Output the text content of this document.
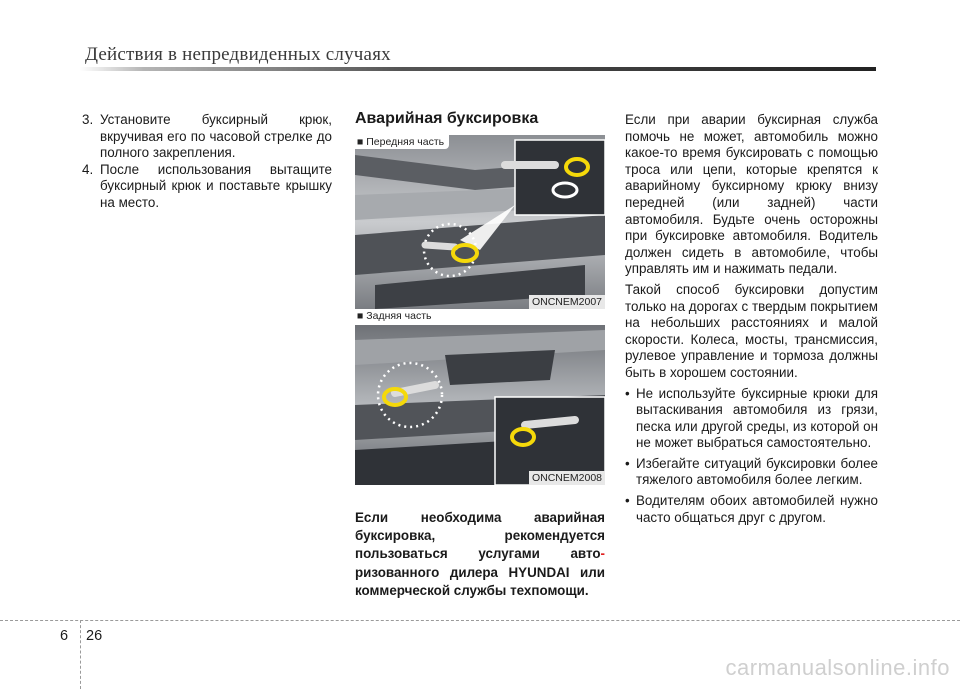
Действия в непредвиденных случаях
3. Установите буксирный крюк, вкручивая его по часовой стрелке до полного закрепления.
4. После использования вытащите буксирный крюк и поставьте крышку на место.
Аварийная буксировка
ONCNEM2007
■ Передняя часть
ONCNEM2008
■ Задняя часть
Если необходима аварийная буксировка, рекомендуется пользоваться услугами авто- ризованного дилера HYUNDAI или коммерческой службы техпомощи.

Если при аварии буксирная служба помочь не может, автомобиль можно какое-то время буксировать с помощью троса или цепи, которые крепятся к аварийному буксирному крюку внизу передней (или задней) части автомобиля. Будьте очень осторожны при буксировке автомобиля. Водитель должен сидеть в автомобиле, чтобы управлять им и нажимать педали.

Такой способ буксировки допустим только на дорогах с твердым покрытием на небольших расстояниях и малой скорости. Колеса, мосты, трансмиссия, рулевое управление и тормоза должны быть в хорошем состоянии.

• Не используйте буксирные крюки для вытаскивания автомобиля из грязи, песка или другой среды, из которой он не может выбраться самостоятельно.
• Избегайте ситуаций буксировки более тяжелого автомобиля более легким.
• Водителям обоих автомобилей нужно часто общаться друг с другом.
6 26
carmanualsonline.info
